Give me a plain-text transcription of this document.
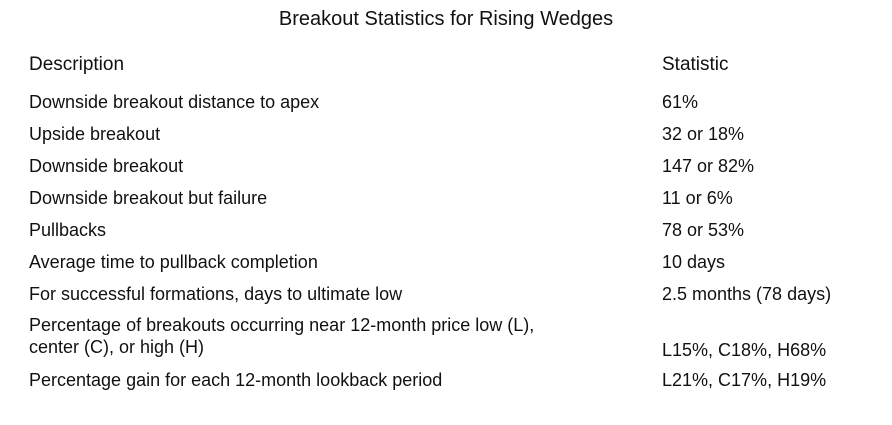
Breakout Statistics for Rising Wedges
Description	Statistic
Downside breakout distance to apex	61%
Upside breakout	32 or 18%
Downside breakout	147 or 82%
Downside breakout but failure	11 or 6%
Pullbacks	78 or 53%
Average time to pullback completion	10 days
For successful formations, days to ultimate low	2.5 months (78 days)
Percentage of breakouts occurring near 12-month price low (L), center (C), or high (H)	L15%, C18%, H68%
Percentage gain for each 12-month lookback period	L21%, C17%, H19%
